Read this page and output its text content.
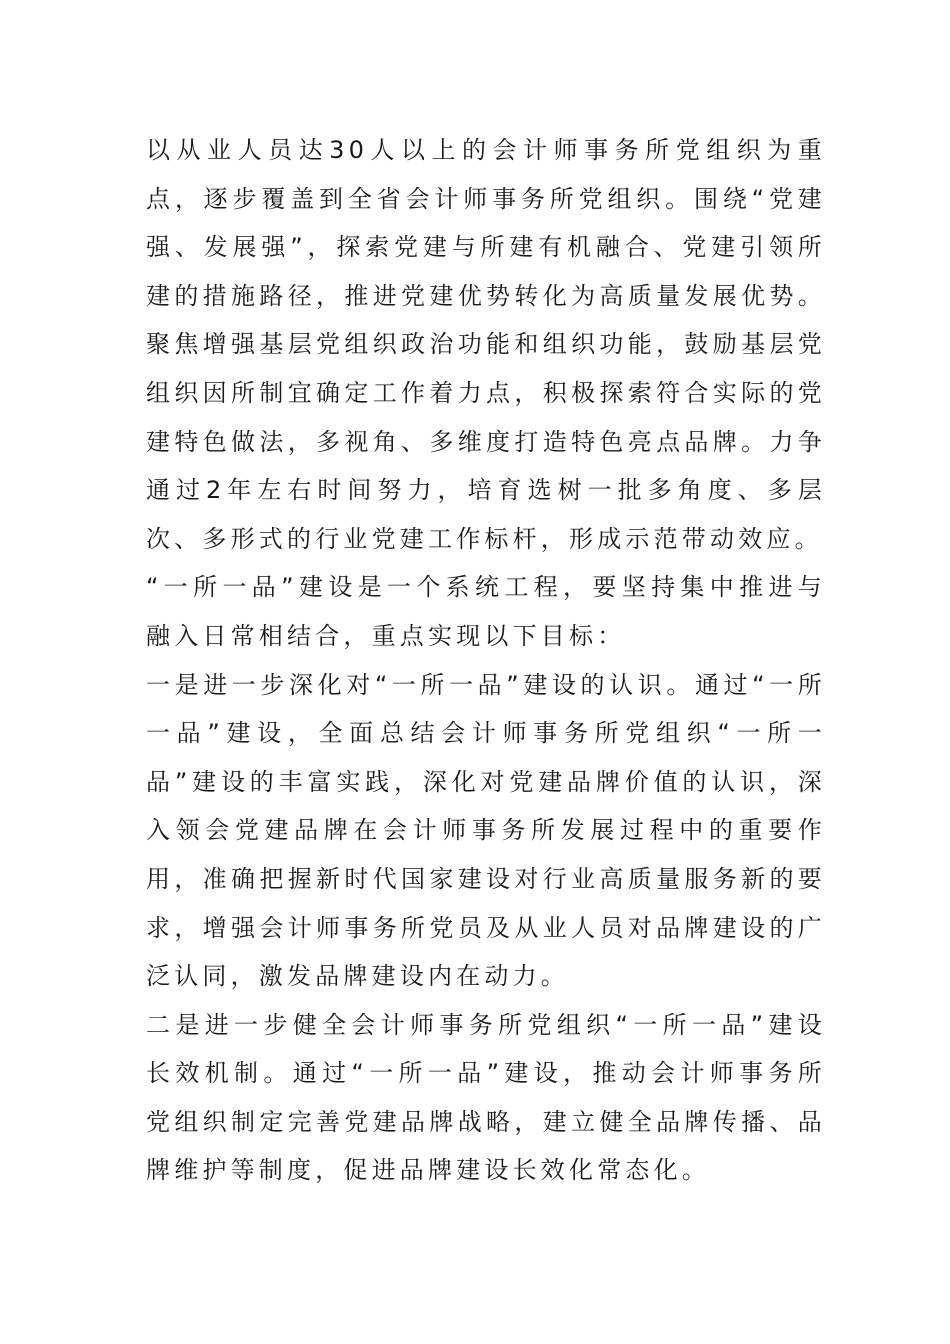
以从业人员达30人以上的会计师事务所党组织为重点，逐步覆盖到全省会计师事务所党组织。围绕“党建强、发展强”，探索党建与所建有机融合、党建引领所建的措施路径，推进党建优势转化为高质量发展优势。聚焦增强基层党组织政治功能和组织功能，鼓励基层党组织因所制宜确定工作着力点，积极探索符合实际的党建特色做法，多视角、多维度打造特色亮点品牌。力争通过2年左右时间努力，培育选树一批多角度、多层次、多形式的行业党建工作标杆，形成示范带动效应。

“一所一品”建设是一个系统工程，要坚持集中推进与融入日常相结合，重点实现以下目标：

一是进一步深化对“一所一品”建设的认识。通过“一所一品”建设，全面总结会计师事务所党组织“一所一品”建设的丰富实践，深化对党建品牌价值的认识，深入领会党建品牌在会计师事务所发展过程中的重要作用，准确把握新时代国家建设对行业高质量服务新的要求，增强会计师事务所党员及从业人员对品牌建设的广泛认同，激发品牌建设内在动力。

二是进一步健全会计师事务所党组织“一所一品”建设长效机制。通过“一所一品”建设，推动会计师事务所党组织制定完善党建品牌战略，建立健全品牌传播、品牌维护等制度，促进品牌建设长效化常态化。
